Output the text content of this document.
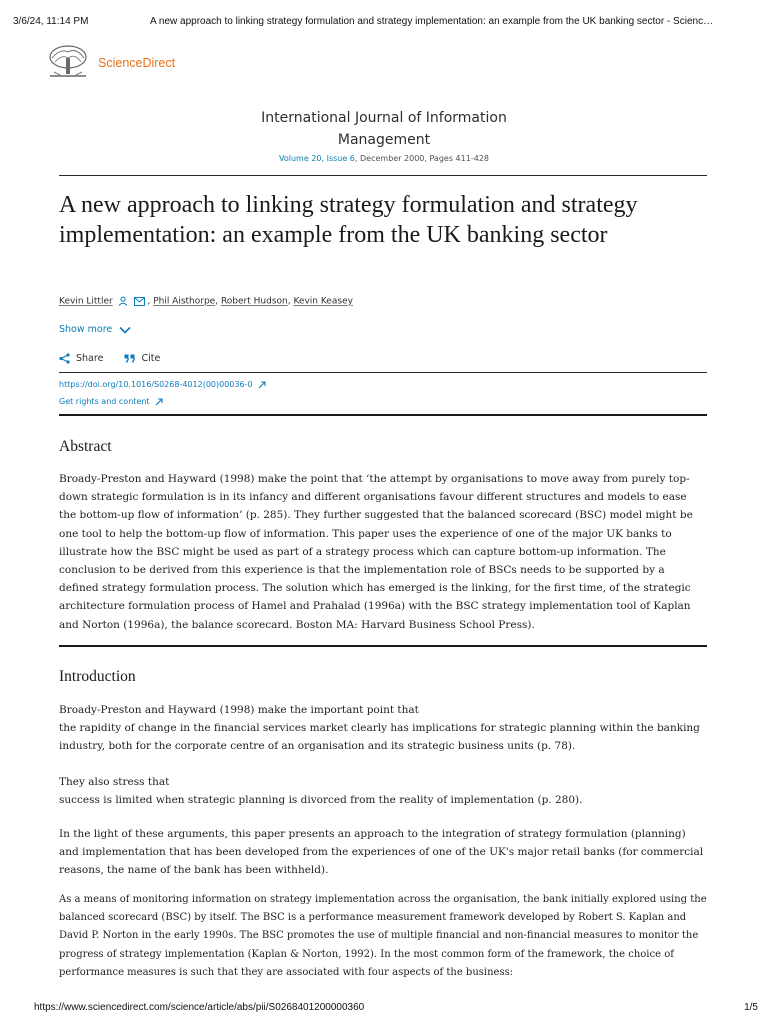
3/6/24, 11:14 PM	A new approach to linking strategy formulation and strategy implementation: an example from the UK banking sector - Scienc…
ScienceDirect
International Journal of Information
Management
Volume 20, Issue 6, December 2000, Pages 411-428
A new approach to linking strategy formulation and strategy implementation: an example from the UK banking sector
Kevin Littler	, Phil Aisthorpe, Robert Hudson, Kevin Keasey
Show more
Share	Cite
https://doi.org/10.1016/S0268-4012(00)00036-0
Get rights and content
Abstract

Broady-Preston and Hayward (1998) make the point that ‘the attempt by organisations to move away from purely top-down strategic formulation is in its infancy and different organisations favour different structures and models to ease the bottom-up flow of information’ (p. 285). They further suggested that the balanced scorecard (BSC) model might be one tool to help the bottom-up flow of information. This paper uses the experience of one of the major UK banks to illustrate how the BSC might be used as part of a strategy process which can capture bottom-up information. The conclusion to be derived from this experience is that the implementation role of BSCs needs to be supported by a defined strategy formulation process. The solution which has emerged is the linking, for the first time, of the strategic architecture formulation process of Hamel and Prahalad (1996a) with the BSC strategy implementation tool of Kaplan and Norton (1996a), the balance scorecard. Boston MA: Harvard Business School Press).

Introduction

Broady-Preston and Hayward (1998) make the important point that

the rapidity of change in the financial services market clearly has implications for strategic planning within the banking industry, both for the corporate centre of an organisation and its strategic business units (p. 78).

They also stress that

success is limited when strategic planning is divorced from the reality of implementation (p. 280).

In the light of these arguments, this paper presents an approach to the integration of strategy formulation (planning) and implementation that has been developed from the experiences of one of the UK's major retail banks (for commercial reasons, the name of the bank has been withheld).

As a means of monitoring information on strategy implementation across the organisation, the bank initially explored using the balanced scorecard (BSC) by itself. The BSC is a performance measurement framework developed by Robert S. Kaplan and David P. Norton in the early 1990s. The BSC promotes the use of multiple financial and non-financial measures to monitor the progress of strategy implementation (Kaplan & Norton, 1992). In the most common form of the framework, the choice of performance measures is such that they are associated with four aspects of the business:

https://www.sciencedirect.com/science/article/abs/pii/S0268401200000360	1/5
